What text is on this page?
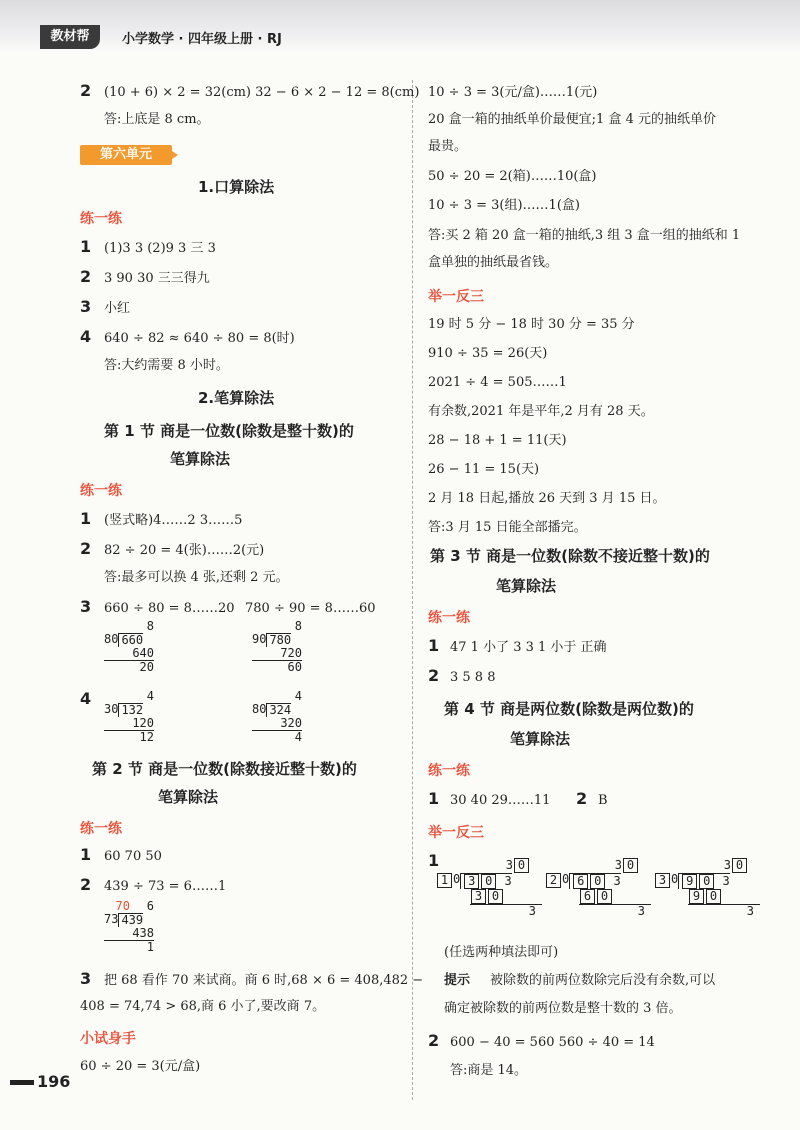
教材帮	小学数学 · 四年级上册 · RJ
2 (10 + 6) × 2 = 32(cm) 32 − 6 × 2 − 12 = 8(cm)
答:上底是 8 cm。
第六单元
1.口算除法
练一练
1 (1)3 3 (2)9 3 三 3
2 3 90 30 三三得九
3 小红
4 640 ÷ 82 ≈ 640 ÷ 80 = 8(时)
答:大约需要 8 小时。
2.笔算除法
第 1 节 商是一位数(除数是整十数)的
笔算除法
练一练
1 (竖式略)4……2 3……5
2 82 ÷ 20 = 4(张)……2(元)
答:最多可以换 4 张,还剩 2 元。
3 660 ÷ 80 = 8……20 780 ÷ 90 = 8……60
8
80 660
640
20
8
90 780
720
60
4	4
30 132
120
12
4
80 324
320
4
第 2 节 商是一位数(除数接近整十数)的
笔算除法
练一练
1 60 70 50
2 439 ÷ 73 = 6……1
70	6
73 439
438
1
3 把 68 看作 70 来试商。商 6 时,68 × 6 = 408,482 −
408 = 74,74 > 68,商 6 小了,要改商 7。
小试身手
60 ÷ 20 = 3(元/盒)
196
10 ÷ 3 = 3(元/盒)……1(元)
20 盒一箱的抽纸单价最便宜;1 盒 4 元的抽纸单价
最贵。
50 ÷ 20 = 2(箱)……10(盒)
10 ÷ 3 = 3(组)……1(盒)
答:买 2 箱 20 盒一箱的抽纸,3 组 3 盒一组的抽纸和 1
盒单独的抽纸最省钱。
举一反三
19 时 5 分 − 18 时 30 分 = 35 分
910 ÷ 35 = 26(天)
2021 ÷ 4 = 505……1
有余数,2021 年是平年,2 月有 28 天。
28 − 18 + 1 = 11(天)
26 − 11 = 15(天)
2 月 18 日起,播放 26 天到 3 月 15 日。
答:3 月 15 日能全部播完。
第 3 节 商是一位数(除数不接近整十数)的
笔算除法
练一练
1 47 1 小了 3 3 1 小于 正确
2 3 5 8 8
第 4 节 商是两位数(除数是两位数)的
笔算除法
练一练
1 30 40 29……11 2 B
举一反三
1	3 0
1 0 3 0 3
3 0
3
3 0
2 0 6 0 3
6 0
3
3 0
3 0 9 0 3
9 0
3
(任选两种填法即可)
提示 被除数的前两位数除完后没有余数,可以
确定被除数的前两位数是整十数的 3 倍。
2 600 − 40 = 560 560 ÷ 40 = 14
答:商是 14。
